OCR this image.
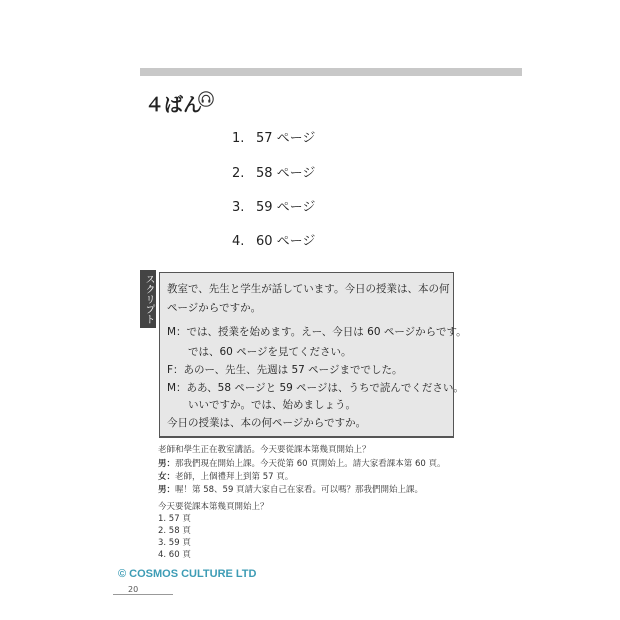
４ばん
1. 57 ページ
2. 58 ページ
3. 59 ページ
4. 60 ページ
スクリプト 教室で、先生と学生が話しています。今日の授業は、本の何
ページからですか。
M：では、授業を始めます。えー、今日は 60 ページからです。
　　では、60 ページを見てください。
F：あのー、先生、先週は 57 ページまででした。
M：ああ、58 ページと 59 ページは、うちで読んでください。
　　いいですか。では、始めましょう。
今日の授業は、本の何ページからですか。
老師和學生正在教室講話。今天要從課本第幾頁開始上？
男：那我們現在開始上課。今天從第 60 頁開始上。請大家看課本第 60 頁。
女：老師，上個禮拜上到第 57 頁。
男：喔！第 58、59 頁請大家自己在家看。可以嗎？那我們開始上課。
今天要從課本第幾頁開始上？
1. 57 頁
2. 58 頁
3. 59 頁
4. 60 頁
© COSMOS CULTURE LTD
20
